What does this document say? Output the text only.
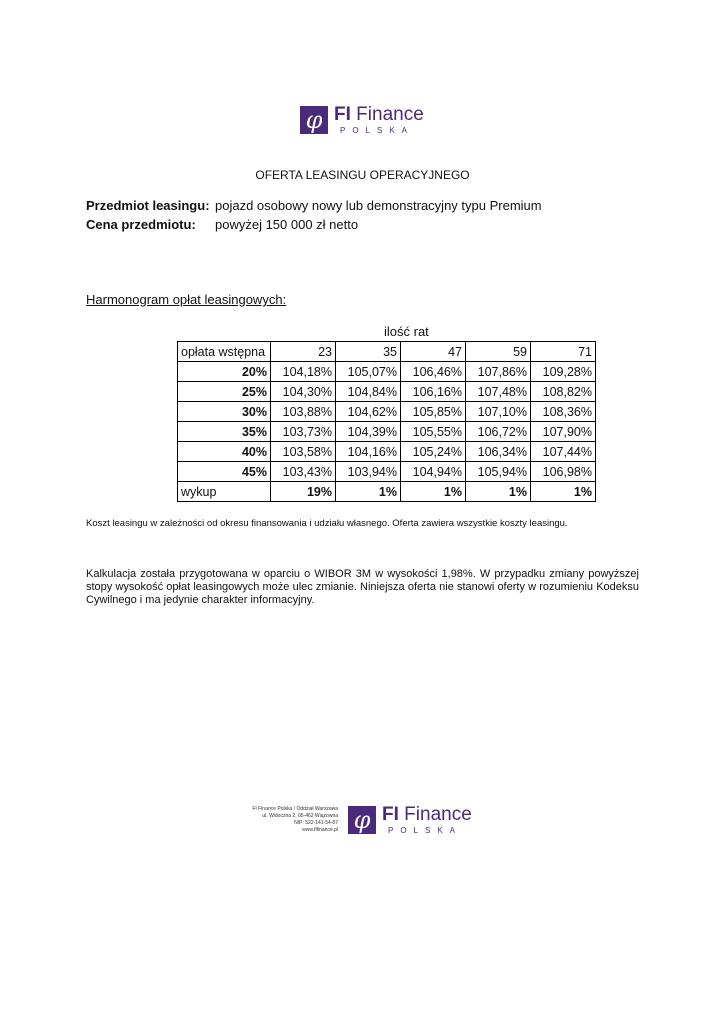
φ FI Finance
POLSKA
OFERTA LEASINGU OPERACYJNEGO
Przedmiot leasingu: pojazd osobowy nowy lub demonstracyjny typu Premium
Cena przedmiotu: powyżej 150 000 zł netto
Harmonogram opłat leasingowych:
ilość rat
opłata wstępna	23	35	47	59	71
20%	104,18%	105,07%	106,46%	107,86%	109,28%
25%	104,30%	104,84%	106,16%	107,48%	108,82%
30%	103,88%	104,62%	105,85%	107,10%	108,36%
35%	103,73%	104,39%	105,55%	106,72%	107,90%
40%	103,58%	104,16%	105,24%	106,34%	107,44%
45%	103,43%	103,94%	104,94%	105,94%	106,98%
wykup	19%	1%	1%	1%	1%
Koszt leasingu w zależności od okresu finansowania i udziału własnego. Oferta zawiera wszystkie koszty leasingu.
Kalkulacja została przygotowana w oparciu o WIBOR 3M w wysokości 1,98%. W przypadku zmiany powyższej stopy wysokość opłat leasingowych może ulec zmianie. Niniejsza oferta nie stanowi oferty w rozumieniu Kodeksu Cywilnego i ma jedynie charakter informacyjny.
FI Finance Polska / Oddział Warszawa
ul. Widoczna 2, 05-462 Wiązowna
NIP: 522-141-54-87
www.fifinance.pl φ FI Finance
POLSKA
